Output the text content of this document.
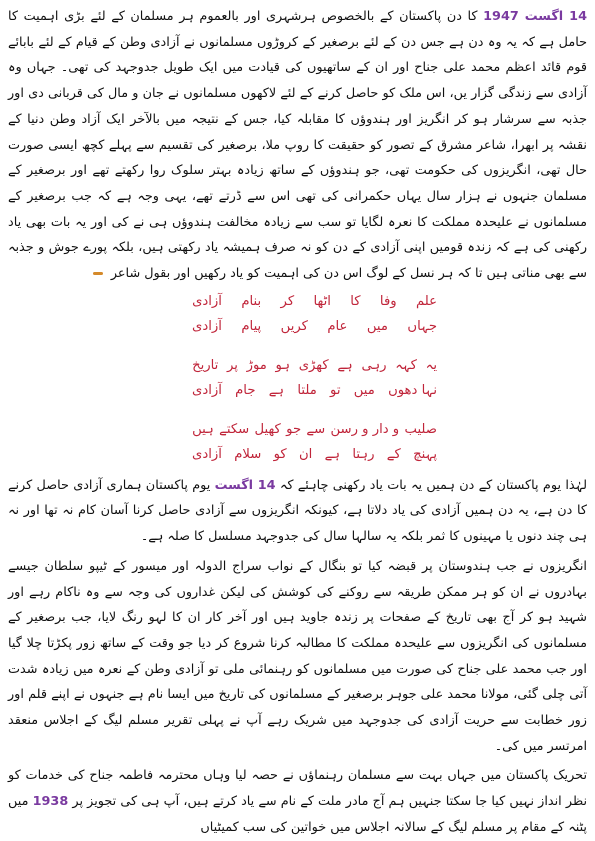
14 اگست 1947 کا دن پاکستان کے بالخصوص ہرشہری اور بالعموم ہر مسلمان کے لئے بڑی اہمیت کا حامل ہے کہ یہ وہ دن ہے جس دن کے لئے برصغیر کے کروڑوں مسلمانوں نے آزادی وطن کے قیام کے لئے بابائے قوم قائد اعظم محمد علی جناح اور ان کے ساتھیوں کی قیادت میں ایک طویل جدوجہد کی تھی۔ جہاں وہ آزادی سے زندگی گزار یں، اس ملک کو حاصل کرنے کے لئے لاکھوں مسلمانوں نے جان و مال کی قربانی دی اور جذبہ سے سرشار ہو کر انگریز اور ہندوؤں کا مقابلہ کیا، جس کے نتیجہ میں بالآخر ایک آزاد وطن دنیا کے نقشہ پر ابھرا، شاعر مشرق کے تصور کو حقیقت کا روپ ملا، برصغیر کی تقسیم سے پہلے کچھ ایسی صورت حال تھی، انگریزوں کی حکومت تھی، جو ہندوؤں کے ساتھ زیادہ بہتر سلوک روا رکھتے تھے اور برصغیر کے مسلمان جنہوں نے ہزار سال یہاں حکمرانی کی تھی اس سے ڈرتے تھے، یہی وجہ ہے کہ جب برصغیر کے مسلمانوں نے علیحدہ مملکت کا نعرہ لگایا تو سب سے زیادہ مخالفت ہندوؤں ہی نے کی اور یہ بات بھی یاد رکھنی کی ہے کہ زندہ قومیں اپنی آزادی کے دن کو نہ صرف ہمیشہ یاد رکھتی ہیں، بلکہ پورے جوش و جذبہ سے بھی مناتی ہیں تا کہ ہر نسل کے لوگ اس دن کی اہمیت کو یاد رکھیں اور بقول شاعر

علم
وفا
کا
اٹھا
کر
بنام
آزادی
جہاں
میں
عام
کریں
پیام
آزادی
یہ
کہہ
رہی
ہے
کھڑی
ہو
موڑ
پر
تاریخ
نہا دھوں
میں
تو
ملتا
ہے
جام
آزادی
صلیب
و دار و رسن
سے
جو
کھیل
سکتے
ہیں
پہنچ
کے
رہتا
ہے
ان
کو
سلام
آزادی

لہٰذا یوم پاکستان کے دن ہمیں یہ بات یاد رکھنی چاہئے کہ 14 اگست یوم پاکستان ہماری آزادی حاصل کرنے کا دن ہے، یہ دن ہمیں آزادی کی یاد دلاتا ہے، کیونکہ انگریزوں سے آزادی حاصل کرنا آسان کام نہ تھا اور نہ ہی چند دنوں یا مہینوں کا ثمر بلکہ یہ سالہا سال کی جدوجہد مسلسل کا صلہ ہے۔

انگریزوں نے جب ہندوستان پر قبضہ کیا تو بنگال کے نواب سراج الدولہ اور میسور کے ٹیپو سلطان جیسے بہادروں نے ان کو ہر ممکن طریقہ سے روکنے کی کوشش کی لیکن غداروں کی وجہ سے وہ ناکام رہے اور شہید ہو کر آج بھی تاریخ کے صفحات پر زندہ جاوید ہیں اور آخر کار ان کا لہو رنگ لایا، جب برصغیر کے مسلمانوں کی انگریزوں سے علیحدہ مملکت کا مطالبہ کرنا شروع کر دیا جو وقت کے ساتھ زور پکڑتا چلا گیا اور جب محمد علی جناح کی صورت میں مسلمانوں کو رہنمائی ملی تو آزادی وطن کے نعرہ میں زیادہ شدت آتی چلی گئی، مولانا محمد علی جوہر برصغیر کے مسلمانوں کی تاریخ میں ایسا نام ہے جنہوں نے اپنے قلم اور زور خطابت سے حریت آزادی کی جدوجہد میں شریک رہے آپ نے پہلی تقریر مسلم لیگ کے اجلاس منعقد امرتسر میں کی۔

تحریک پاکستان میں جہاں بہت سے مسلمان رہنماؤں نے حصہ لیا وہاں محترمہ فاطمہ جناح کی خدمات کو نظر انداز نہیں کیا جا سکتا جنہیں ہم آج مادر ملت کے نام سے یاد کرتے ہیں، آپ ہی کی تجویز پر 1938 میں پٹنہ کے مقام پر مسلم لیگ کے سالانہ اجلاس میں خواتین کی سب کمیٹیاں
